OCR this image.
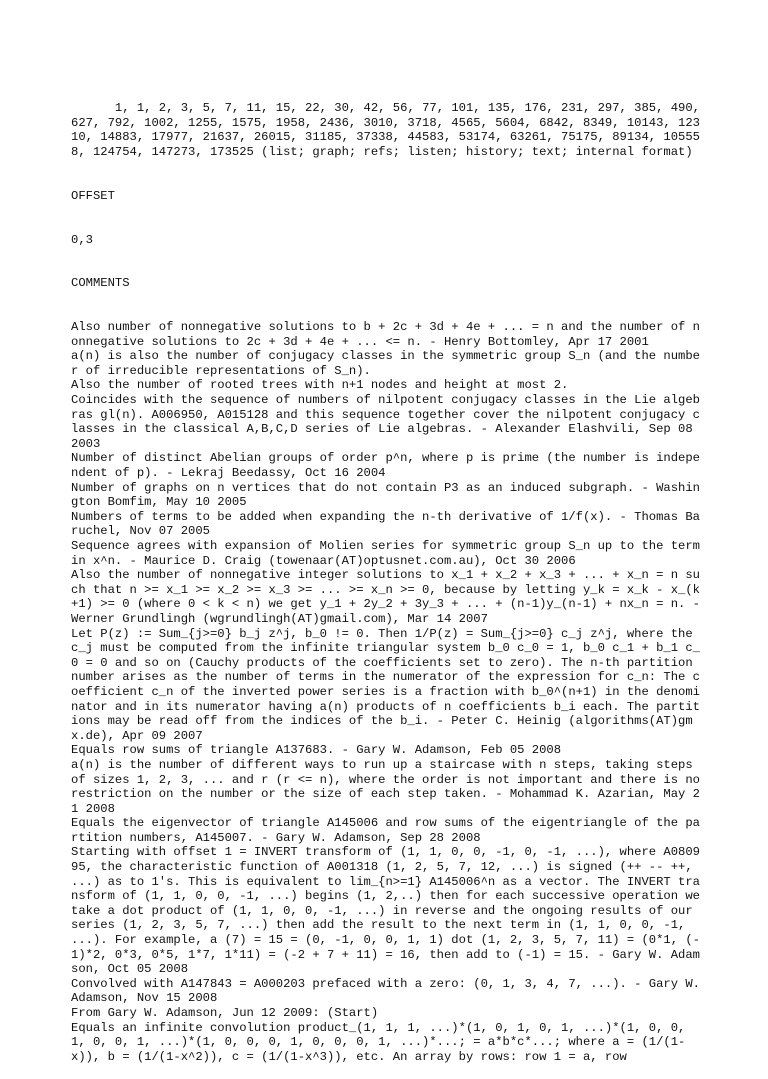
1, 1, 2, 3, 5, 7, 11, 15, 22, 30, 42, 56, 77, 101, 135, 176, 231, 297, 385, 490, 627, 792, 1002, 1255, 1575, 1958, 2436, 3010, 3718, 4565, 5604, 6842, 8349, 10143, 12310, 14883, 17977, 21637, 26015, 31185, 37338, 44583, 53174, 63261, 75175, 89134, 105558, 124754, 147273, 173525 (list; graph; refs; listen; history; text; internal format)

OFFSET

0,3

COMMENTS

Also number of nonnegative solutions to b + 2c + 3d + 4e + ... = n and the number of nonnegative solutions to 2c + 3d + 4e + ... <= n. - Henry Bottomley, Apr 17 2001
a(n) is also the number of conjugacy classes in the symmetric group S_n (and the number of irreducible representations of S_n).
Also the number of rooted trees with n+1 nodes and height at most 2.
Coincides with the sequence of numbers of nilpotent conjugacy classes in the Lie algebras gl(n). A006950, A015128 and this sequence together cover the nilpotent conjugacy classes in the classical A,B,C,D series of Lie algebras. - Alexander Elashvili, Sep 08 2003
Number of distinct Abelian groups of order p^n, where p is prime (the number is independent of p). - Lekraj Beedassy, Oct 16 2004
Number of graphs on n vertices that do not contain P3 as an induced subgraph. - Washington Bomfim, May 10 2005
Numbers of terms to be added when expanding the n-th derivative of 1/f(x). - Thomas Baruchel, Nov 07 2005
Sequence agrees with expansion of Molien series for symmetric group S_n up to the term in x^n. - Maurice D. Craig (towenaar(AT)optusnet.com.au), Oct 30 2006
Also the number of nonnegative integer solutions to x_1 + x_2 + x_3 + ... + x_n = n such that n >= x_1 >= x_2 >= x_3 >= ... >= x_n >= 0, because by letting y_k = x_k - x_(k+1) >= 0 (where 0 < k < n) we get y_1 + 2y_2 + 3y_3 + ... + (n-1)y_(n-1) + nx_n = n. - Werner Grundlingh (wgrundlingh(AT)gmail.com), Mar 14 2007
Let P(z) := Sum_{j>=0} b_j z^j, b_0 != 0. Then 1/P(z) = Sum_{j>=0} c_j z^j, where the c_j must be computed from the infinite triangular system b_0 c_0 = 1, b_0 c_1 + b_1 c_0 = 0 and so on (Cauchy products of the coefficients set to zero). The n-th partition number arises as the number of terms in the numerator of the expression for c_n: The coefficient c_n of the inverted power series is a fraction with b_0^(n+1) in the denominator and in its numerator having a(n) products of n coefficients b_i each. The partitions may be read off from the indices of the b_i. - Peter C. Heinig (algorithms(AT)gmx.de), Apr 09 2007
Equals row sums of triangle A137683. - Gary W. Adamson, Feb 05 2008
a(n) is the number of different ways to run up a staircase with n steps, taking steps of sizes 1, 2, 3, ... and r (r <= n), where the order is not important and there is no restriction on the number or the size of each step taken. - Mohammad K. Azarian, May 21 2008
Equals the eigenvector of triangle A145006 and row sums of the eigentriangle of the partition numbers, A145007. - Gary W. Adamson, Sep 28 2008
Starting with offset 1 = INVERT transform of (1, 1, 0, 0, -1, 0, -1, ...), where A080995, the characteristic function of A001318 (1, 2, 5, 7, 12, ...) is signed (++ -- ++, ...) as to 1's. This is equivalent to lim_{n>=1} A145006^n as a vector. The INVERT transform of (1, 1, 0, 0, -1, ...) begins (1, 2,..) then for each successive operation we take a dot product of (1, 1, 0, 0, -1, ...) in reverse and the ongoing results of our series (1, 2, 3, 5, 7, ...) then add the result to the next term in (1, 1, 0, 0, -1, ...). For example, a (7) = 15 = (0, -1, 0, 0, 1, 1) dot (1, 2, 3, 5, 7, 11) = (0*1, (-1)*2, 0*3, 0*5, 1*7, 1*11) = (-2 + 7 + 11) = 16, then add to (-1) = 15. - Gary W. Adamson, Oct 05 2008
Convolved with A147843 = A000203 prefaced with a zero: (0, 1, 3, 4, 7, ...). - Gary W. Adamson, Nov 15 2008
From Gary W. Adamson, Jun 12 2009: (Start)
Equals an infinite convolution product_(1, 1, 1, ...)*(1, 0, 1, 0, 1, ...)*(1, 0, 0, 1, 0, 0, 1, ...)*(1, 0, 0, 0, 1, 0, 0, 0, 1, ...)*...; = a*b*c*...; where a = (1/(1-x)), b = (1/(1-x^2)), c = (1/(1-x^3)), etc. An array by rows: row 1 = a, row
